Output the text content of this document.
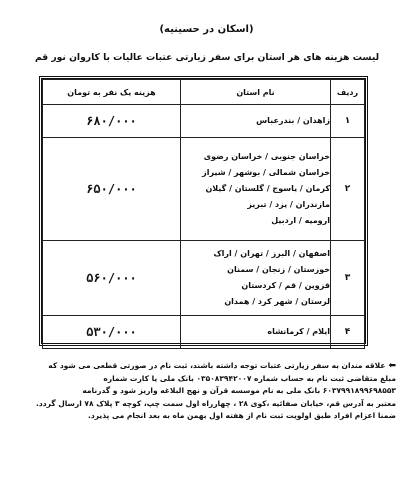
(اسکان در حسینیه)
لیست هزینه های هر استان برای سفر زیارتی عتبات عالیات با کاروان نور قم
ردیف	نام استان	هزینه یک نفر به تومان
۱	زاهدان / بندرعباس	۶۸۰/۰۰۰
۲	خراسان جنوبی / خراسان رضوی
خراسان شمالی / بوشهر / شیراز
کرمان / یاسوج / گلستان / گیلان
مازندران / یزد / تبریز
ارومیه / اردبیل	۶۵۰/۰۰۰
۳	اصفهان / البرز / تهران / اراک
خوزستان / زنجان / سمنان
قزوین / قم / کردستان
لرستان / شهر کرد / همدان	۵۶۰/۰۰۰
۴	ایلام / کرمانشاه	۵۳۰/۰۰۰
⬅علاقه مندان به سفر زیارتی عتبات توجه داشته باشند، ثبت نام در صورتی قطعی می شود که
مبلغ متقاضی ثبت نام به حساب شماره ۰۳۵۰۸۳۹۴۲۰۰۷ بانک ملی یا کارت شماره
۶۰۳۷۹۹۱۸۹۹۶۹۸۵۵۳ بانک ملی به نام موسسه قرآن و نهج البلاغه واریز شود و گدرنامه
معتبر به آدرس قم، خیابان صفائیه ،کوی ۲۸ ، چهارراه اول سمت چپ، کوچه ۳ پلاک ۷۸ ارسال گردد.
ضمنا اعزام افراد طبق اولویت ثبت نام از هفته اول بهمن ماه به بعد انجام می پذیرد.
